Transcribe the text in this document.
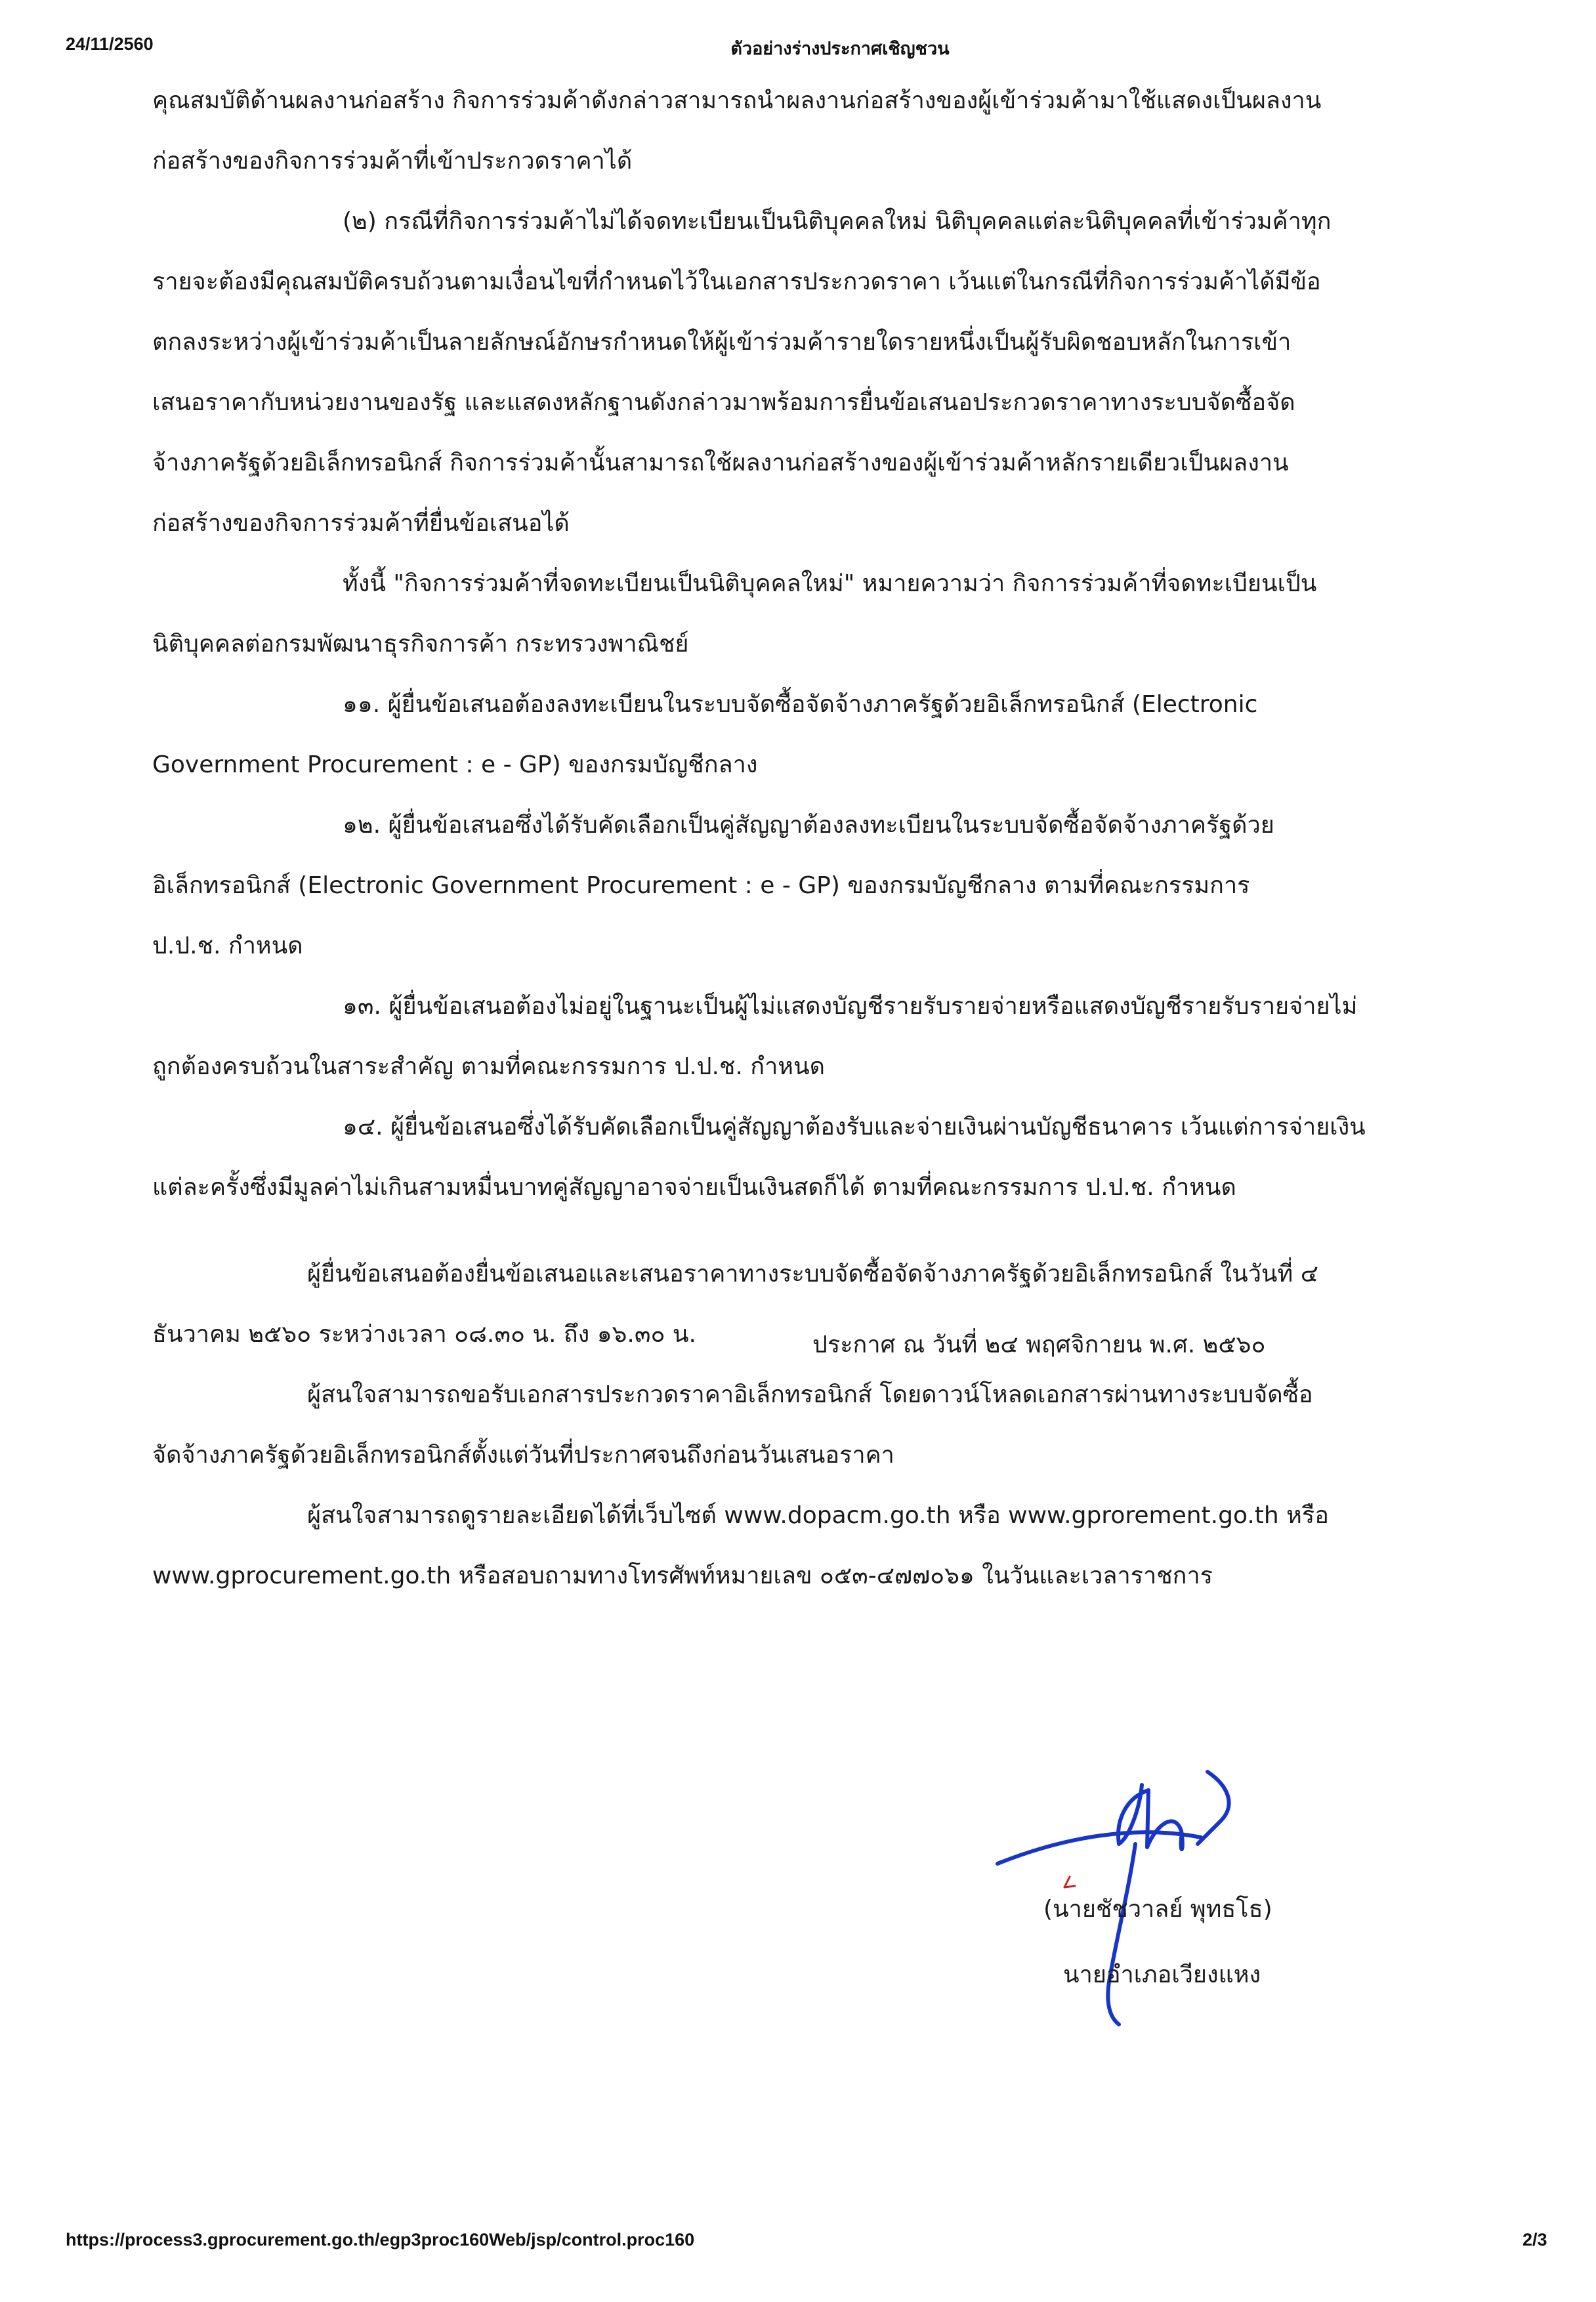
24/11/2560	ตัวอย่างร่างประกาศเชิญชวน
คุณสมบัติด้านผลงานก่อสร้าง กิจการร่วมค้าดังกล่าวสามารถนำผลงานก่อสร้างของผู้เข้าร่วมค้ามาใช้แสดงเป็นผลงาน
ก่อสร้างของกิจการร่วมค้าที่เข้าประกวดราคาได้
(๒) กรณีที่กิจการร่วมค้าไม่ได้จดทะเบียนเป็นนิติบุคคลใหม่ นิติบุคคลแต่ละนิติบุคคลที่เข้าร่วมค้าทุก
รายจะต้องมีคุณสมบัติครบถ้วนตามเงื่อนไขที่กำหนดไว้ในเอกสารประกวดราคา เว้นแต่ในกรณีที่กิจการร่วมค้าได้มีข้อ
ตกลงระหว่างผู้เข้าร่วมค้าเป็นลายลักษณ์อักษรกำหนดให้ผู้เข้าร่วมค้ารายใดรายหนึ่งเป็นผู้รับผิดชอบหลักในการเข้า
เสนอราคากับหน่วยงานของรัฐ และแสดงหลักฐานดังกล่าวมาพร้อมการยื่นข้อเสนอประกวดราคาทางระบบจัดซื้อจัด
จ้างภาครัฐด้วยอิเล็กทรอนิกส์ กิจการร่วมค้านั้นสามารถใช้ผลงานก่อสร้างของผู้เข้าร่วมค้าหลักรายเดียวเป็นผลงาน
ก่อสร้างของกิจการร่วมค้าที่ยื่นข้อเสนอได้
ทั้งนี้ "กิจการร่วมค้าที่จดทะเบียนเป็นนิติบุคคลใหม่" หมายความว่า กิจการร่วมค้าที่จดทะเบียนเป็น
นิติบุคคลต่อกรมพัฒนาธุรกิจการค้า กระทรวงพาณิชย์
๑๑. ผู้ยื่นข้อเสนอต้องลงทะเบียนในระบบจัดซื้อจัดจ้างภาครัฐด้วยอิเล็กทรอนิกส์ (Electronic
Government Procurement : e - GP) ของกรมบัญชีกลาง
๑๒. ผู้ยื่นข้อเสนอซึ่งได้รับคัดเลือกเป็นคู่สัญญาต้องลงทะเบียนในระบบจัดซื้อจัดจ้างภาครัฐด้วย
อิเล็กทรอนิกส์ (Electronic Government Procurement : e - GP) ของกรมบัญชีกลาง ตามที่คณะกรรมการ
ป.ป.ช. กำหนด
๑๓. ผู้ยื่นข้อเสนอต้องไม่อยู่ในฐานะเป็นผู้ไม่แสดงบัญชีรายรับรายจ่ายหรือแสดงบัญชีรายรับรายจ่ายไม่
ถูกต้องครบถ้วนในสาระสำคัญ ตามที่คณะกรรมการ ป.ป.ช. กำหนด
๑๔. ผู้ยื่นข้อเสนอซึ่งได้รับคัดเลือกเป็นคู่สัญญาต้องรับและจ่ายเงินผ่านบัญชีธนาคาร เว้นแต่การจ่ายเงิน
แต่ละครั้งซึ่งมีมูลค่าไม่เกินสามหมื่นบาทคู่สัญญาอาจจ่ายเป็นเงินสดก็ได้ ตามที่คณะกรรมการ ป.ป.ช. กำหนด
ผู้ยื่นข้อเสนอต้องยื่นข้อเสนอและเสนอราคาทางระบบจัดซื้อจัดจ้างภาครัฐด้วยอิเล็กทรอนิกส์ ในวันที่ ๔
ธันวาคม ๒๕๖๐ ระหว่างเวลา ๐๘.๓๐ น. ถึง ๑๖.๓๐ น.
ผู้สนใจสามารถขอรับเอกสารประกวดราคาอิเล็กทรอนิกส์ โดยดาวน์โหลดเอกสารผ่านทางระบบจัดซื้อ
จัดจ้างภาครัฐด้วยอิเล็กทรอนิกส์ตั้งแต่วันที่ประกาศจนถึงก่อนวันเสนอราคา
ผู้สนใจสามารถดูรายละเอียดได้ที่เว็บไซต์ www.dopacm.go.th หรือ www.gprorement.go.th หรือ
www.gprocurement.go.th หรือสอบถามทางโทรศัพท์หมายเลข ๐๕๓-๔๗๗๐๖๑ ในวันและเวลาราชการ
ประกาศ ณ วันที่ ๒๔ พฤศจิกายน พ.ศ. ๒๕๖๐
(นายชัชวาลย์ พุทธโธ)
นายอำเภอเวียงแหง
https://process3.gprocurement.go.th/egp3proc160Web/jsp/control.proc160	2/3
